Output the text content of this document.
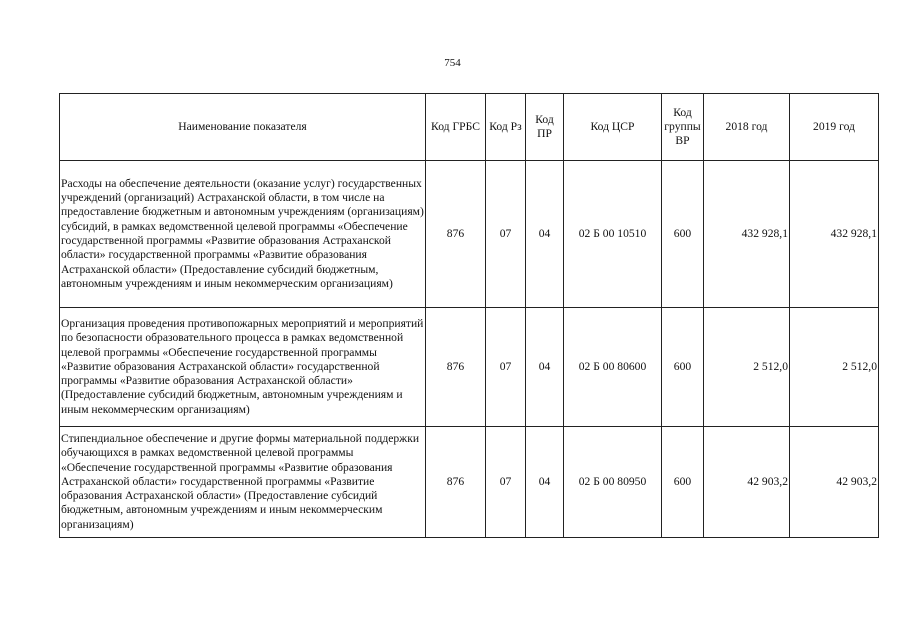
754
Наименование показателя	Код ГРБС	Код Рз	Код ПР	Код ЦСР	Код группы ВР	2018 год	2019 год
Расходы на обеспечение деятельности (оказание услуг) государственных учреждений (организаций) Астраханской области, в том числе на предоставление бюджетным и автономным учреждениям (организациям) субсидий, в рамках ведомственной целевой программы «Обеспечение государственной программы «Развитие образования Астраханской области» государственной программы «Развитие образования Астраханской области» (Предоставление субсидий бюджетным, автономным учреждениям и иным некоммерческим организациям)	876	07	04	02 Б 00 10510	600	432 928,1	432 928,1
Организация проведения противопожарных мероприятий и мероприятий по безопасности образовательного процесса в рамках ведомственной целевой программы «Обеспечение государственной программы «Развитие образования Астраханской области» государственной программы «Развитие образования Астраханской области» (Предоставление субсидий бюджетным, автономным учреждениям и иным некоммерческим организациям)	876	07	04	02 Б 00 80600	600	2 512,0	2 512,0
Стипендиальное обеспечение и другие формы материальной поддержки обучающихся в рамках ведомственной целевой программы «Обеспечение государственной программы «Развитие образования Астраханской области» государственной программы «Развитие образования Астраханской области» (Предоставление субсидий бюджетным, автономным учреждениям и иным некоммерческим организациям)	876	07	04	02 Б 00 80950	600	42 903,2	42 903,2
